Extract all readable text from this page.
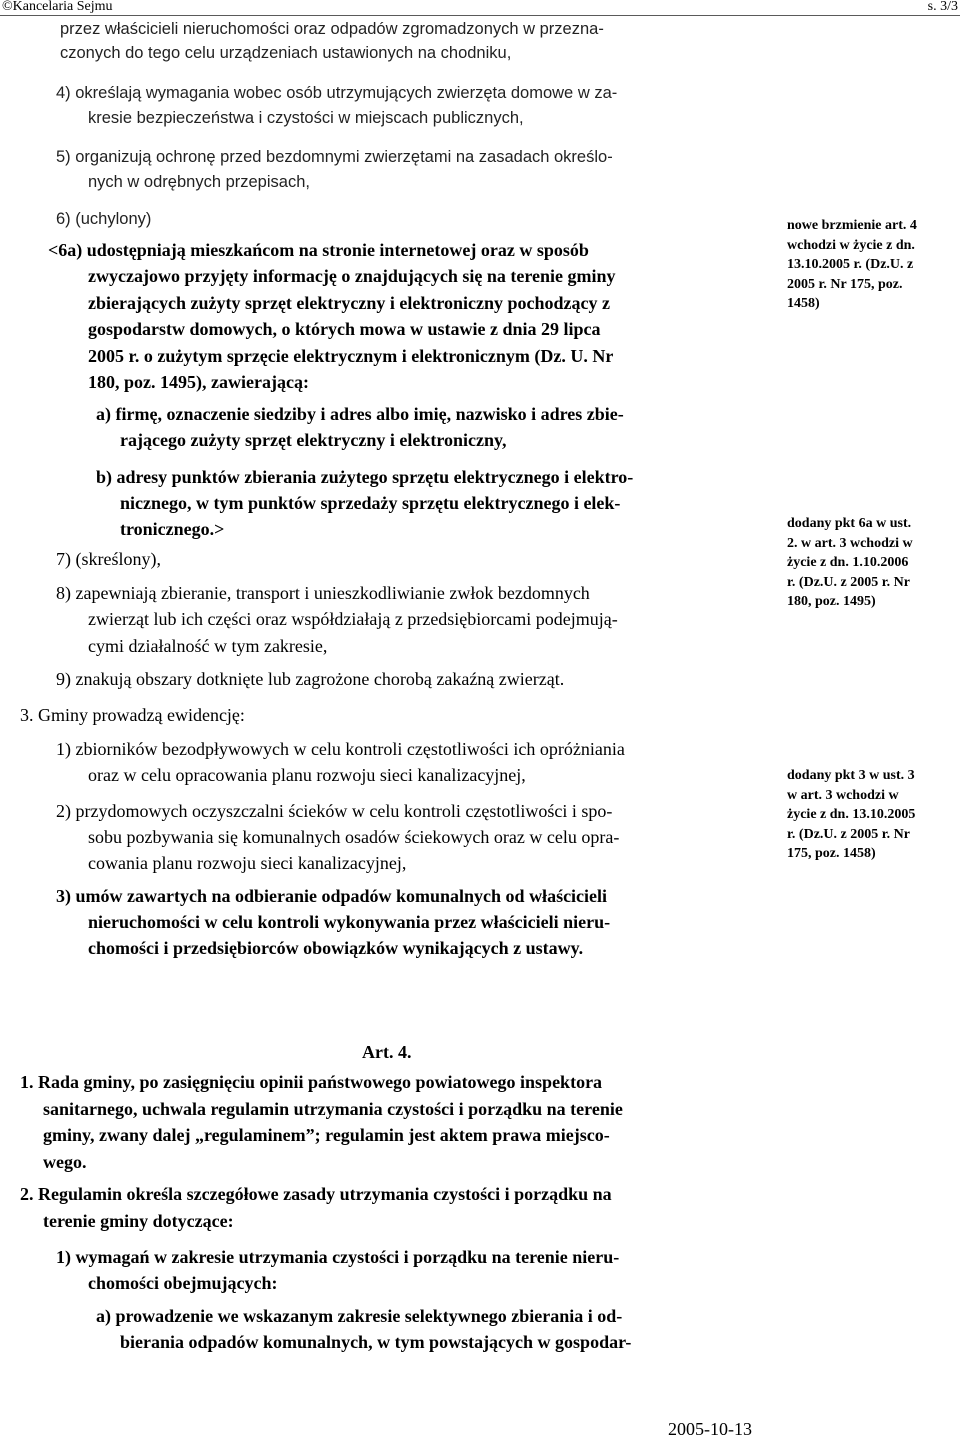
©Kancelaria Sejmu	s. 3/3
przez właścicieli nieruchomości oraz odpadów zgromadzonych w przezna-
czonych do tego celu urządzeniach ustawionych na chodniku,
4) określają wymagania wobec osób utrzymujących zwierzęta domowe w za-
kresie bezpieczeństwa i czystości w miejscach publicznych,
5) organizują ochronę przed bezdomnymi zwierzętami na zasadach określo-
nych w odrębnych przepisach,
6) (uchylony)
<6a) udostępniają mieszkańcom na stronie internetowej oraz w sposób
zwyczajowo przyjęty informację o znajdujących się na terenie gminy
zbierających zużyty sprzęt elektryczny i elektroniczny pochodzący z
gospodarstw domowych, o których mowa w ustawie z dnia 29 lipca
2005 r. o zużytym sprzęcie elektrycznym i elektronicznym (Dz. U. Nr
180, poz. 1495), zawierającą:
a) firmę, oznaczenie siedziby i adres albo imię, nazwisko i adres zbie-
rającego zużyty sprzęt elektryczny i elektroniczny,
b) adresy punktów zbierania zużytego sprzętu elektrycznego i elektro-
nicznego, w tym punktów sprzedaży sprzętu elektrycznego i elek-
tronicznego.>
7) (skreślony),
8) zapewniają zbieranie, transport i unieszkodliwianie zwłok bezdomnych
zwierząt lub ich części oraz współdziałają z przedsiębiorcami podejmują-
cymi działalność w tym zakresie,
9) znakują obszary dotknięte lub zagrożone chorobą zakaźną zwierząt.
3. Gminy prowadzą ewidencję:
1) zbiorników bezodpływowych w celu kontroli częstotliwości ich opróżniania
oraz w celu opracowania planu rozwoju sieci kanalizacyjnej,
2) przydomowych oczyszczalni ścieków w celu kontroli częstotliwości i spo-
sobu pozbywania się komunalnych osadów ściekowych oraz w celu opra-
cowania planu rozwoju sieci kanalizacyjnej,
3) umów zawartych na odbieranie odpadów komunalnych od właścicieli
nieruchomości w celu kontroli wykonywania przez właścicieli nieru-
chomości i przedsiębiorców obowiązków wynikających z ustawy.
Art. 4.
1. Rada gminy, po zasięgnięciu opinii państwowego powiatowego inspektora
sanitarnego, uchwala regulamin utrzymania czystości i porządku na terenie
gminy, zwany dalej „regulaminem”; regulamin jest aktem prawa miejsco-
wego.
2. Regulamin określa szczegółowe zasady utrzymania czystości i porządku na
terenie gminy dotyczące:
1) wymagań w zakresie utrzymania czystości i porządku na terenie nieru-
chomości obejmujących:
a) prowadzenie we wskazanym zakresie selektywnego zbierania i od-
bierania odpadów komunalnych, w tym powstających w gospodar-
nowe brzmienie art. 4
wchodzi w życie z dn.
13.10.2005 r. (Dz.U. z
2005 r. Nr 175, poz.
1458)
dodany pkt 6a w ust.
2. w art. 3 wchodzi w
życie z dn. 1.10.2006
r. (Dz.U. z 2005 r. Nr
180, poz. 1495)
dodany pkt 3 w ust. 3
w art. 3 wchodzi w
życie z dn. 13.10.2005
r. (Dz.U. z 2005 r. Nr
175, poz. 1458)
2005-10-13
